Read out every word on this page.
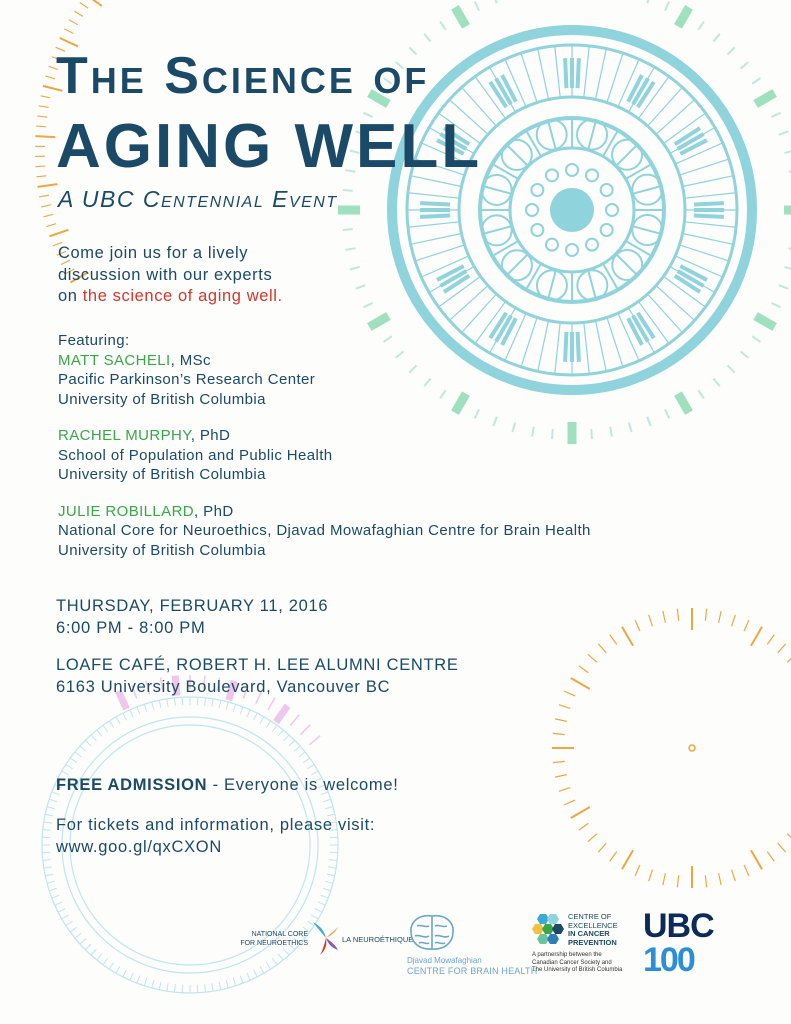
The Science of
AGING WELL
A UBC Centennial Event
Come join us for a lively
discussion with our experts
on the science of aging well.
Featuring:
MATT SACHELI, MSc
Pacific Parkinson’s Research Center
University of British Columbia
RACHEL MURPHY, PhD
School of Population and Public Health
University of British Columbia
JULIE ROBILLARD, PhD
National Core for Neuroethics, Djavad Mowafaghian Centre for Brain Health
University of British Columbia
THURSDAY, FEBRUARY 11, 2016
6:00 PM - 8:00 PM
LOAFE CAFÉ, ROBERT H. LEE ALUMNI CENTRE
6163 University Boulevard, Vancouver BC
FREE ADMISSION - Everyone is welcome!
For tickets and information, please visit:
www.goo.gl/qxCXON
NATIONAL CORE
FOR NEUROETHICS	LA NEUROÉTHIQUE
Djavad Mowafaghian
CENTRE FOR BRAIN HEALTH
CENTRE OF
EXCELLENCE
IN CANCER
PREVENTION
A partnership between the
Canadian Cancer Society and
The University of British Columbia
UBC
100
